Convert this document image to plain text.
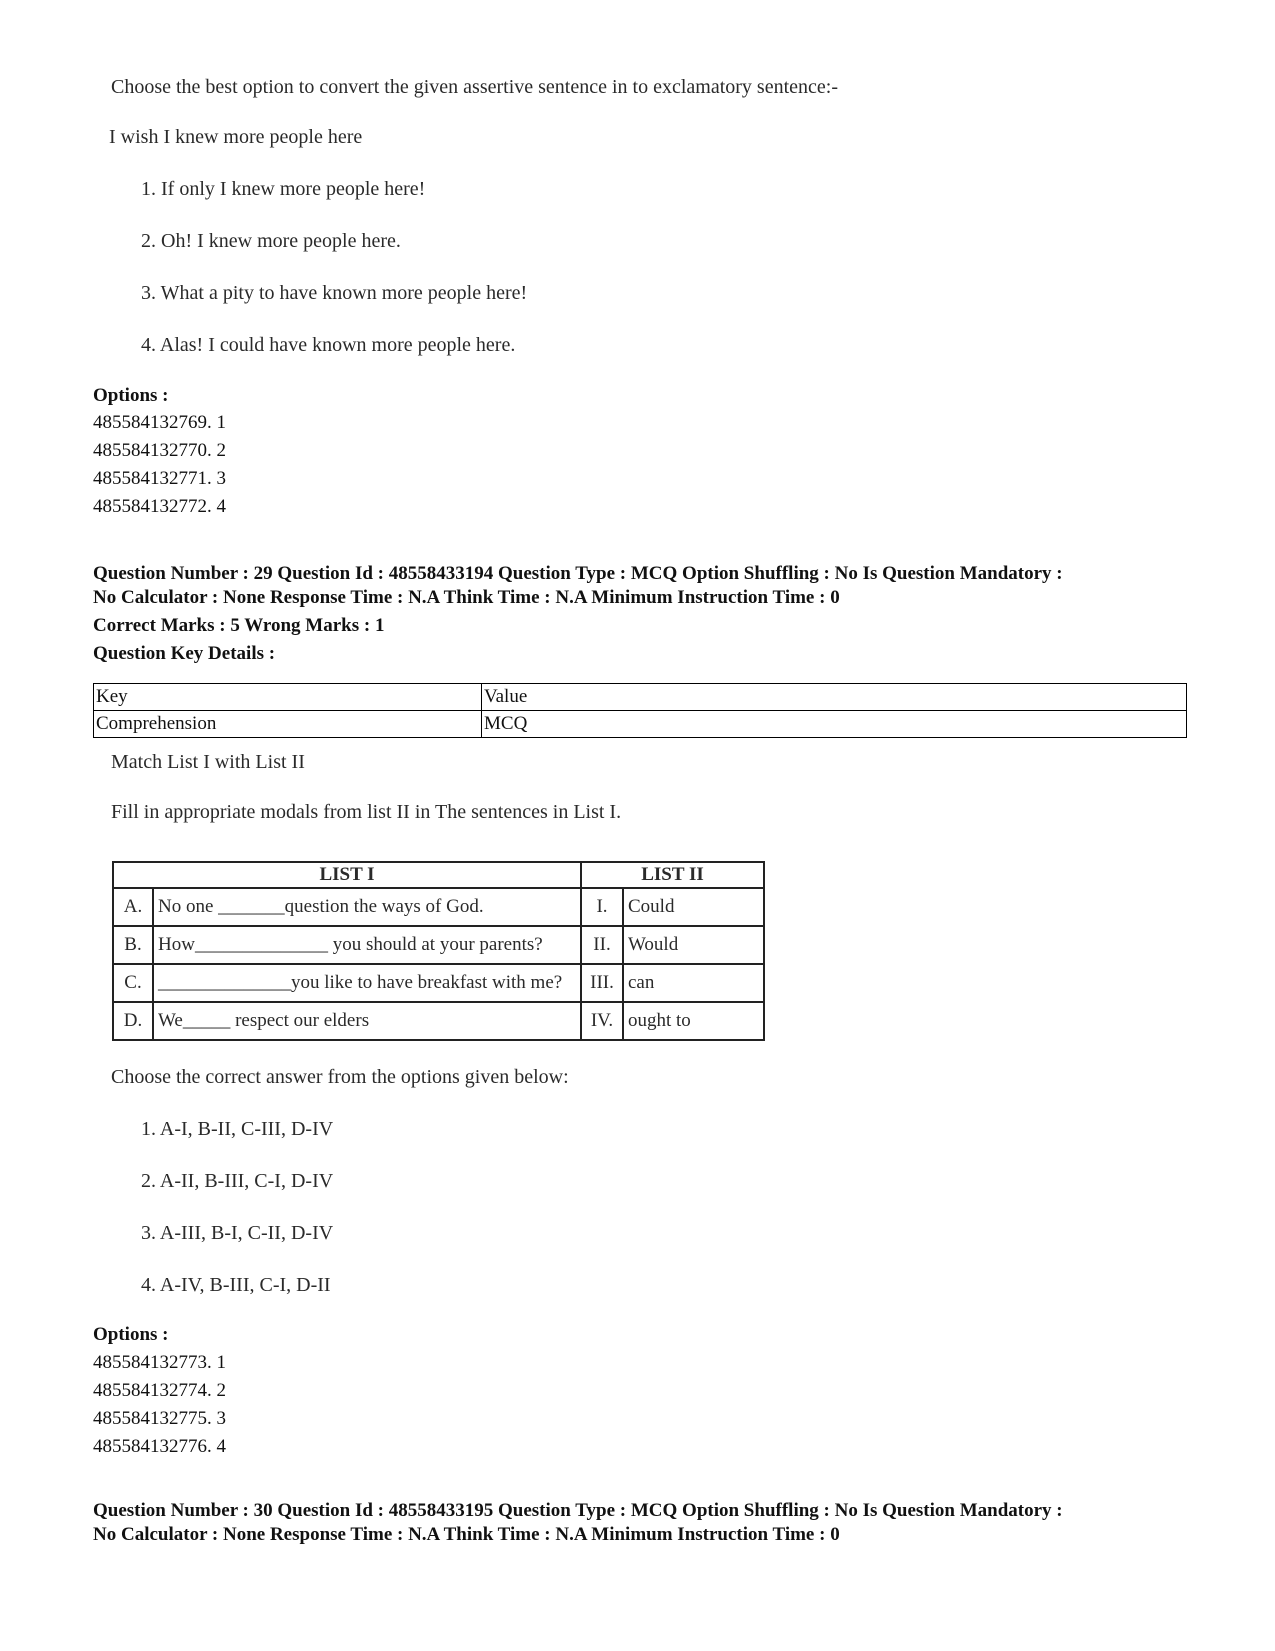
Choose the best option to convert the given assertive sentence in to exclamatory sentence:-
I wish I knew more people here
1. If only I knew more people here!
2. Oh! I knew more people here.
3. What a pity to have known more people here!
4. Alas! I could have known more people here.
Options :
485584132769. 1
485584132770. 2
485584132771. 3
485584132772. 4
Question Number : 29 Question Id : 48558433194 Question Type : MCQ Option Shuffling : No Is Question Mandatory :
No Calculator : None Response Time : N.A Think Time : N.A Minimum Instruction Time : 0
Correct Marks : 5 Wrong Marks : 1
Question Key Details :
Key	Value
Comprehension	MCQ
Match List I with List II
Fill in appropriate modals from list II in The sentences in List I.
LIST I		LIST II	
A.	No one _______question the ways of God.	I.	Could
B.	How______________ you should at your parents?	II.	Would
C.	______________you like to have breakfast with me?	III.	can
D.	We_____ respect our elders	IV.	ought to
Choose the correct answer from the options given below:
1. A-I, B-II, C-III, D-IV
2. A-II, B-III, C-I, D-IV
3. A-III, B-I, C-II, D-IV
4. A-IV, B-III, C-I, D-II
Options :
485584132773. 1
485584132774. 2
485584132775. 3
485584132776. 4
Question Number : 30 Question Id : 48558433195 Question Type : MCQ Option Shuffling : No Is Question Mandatory :
No Calculator : None Response Time : N.A Think Time : N.A Minimum Instruction Time : 0
